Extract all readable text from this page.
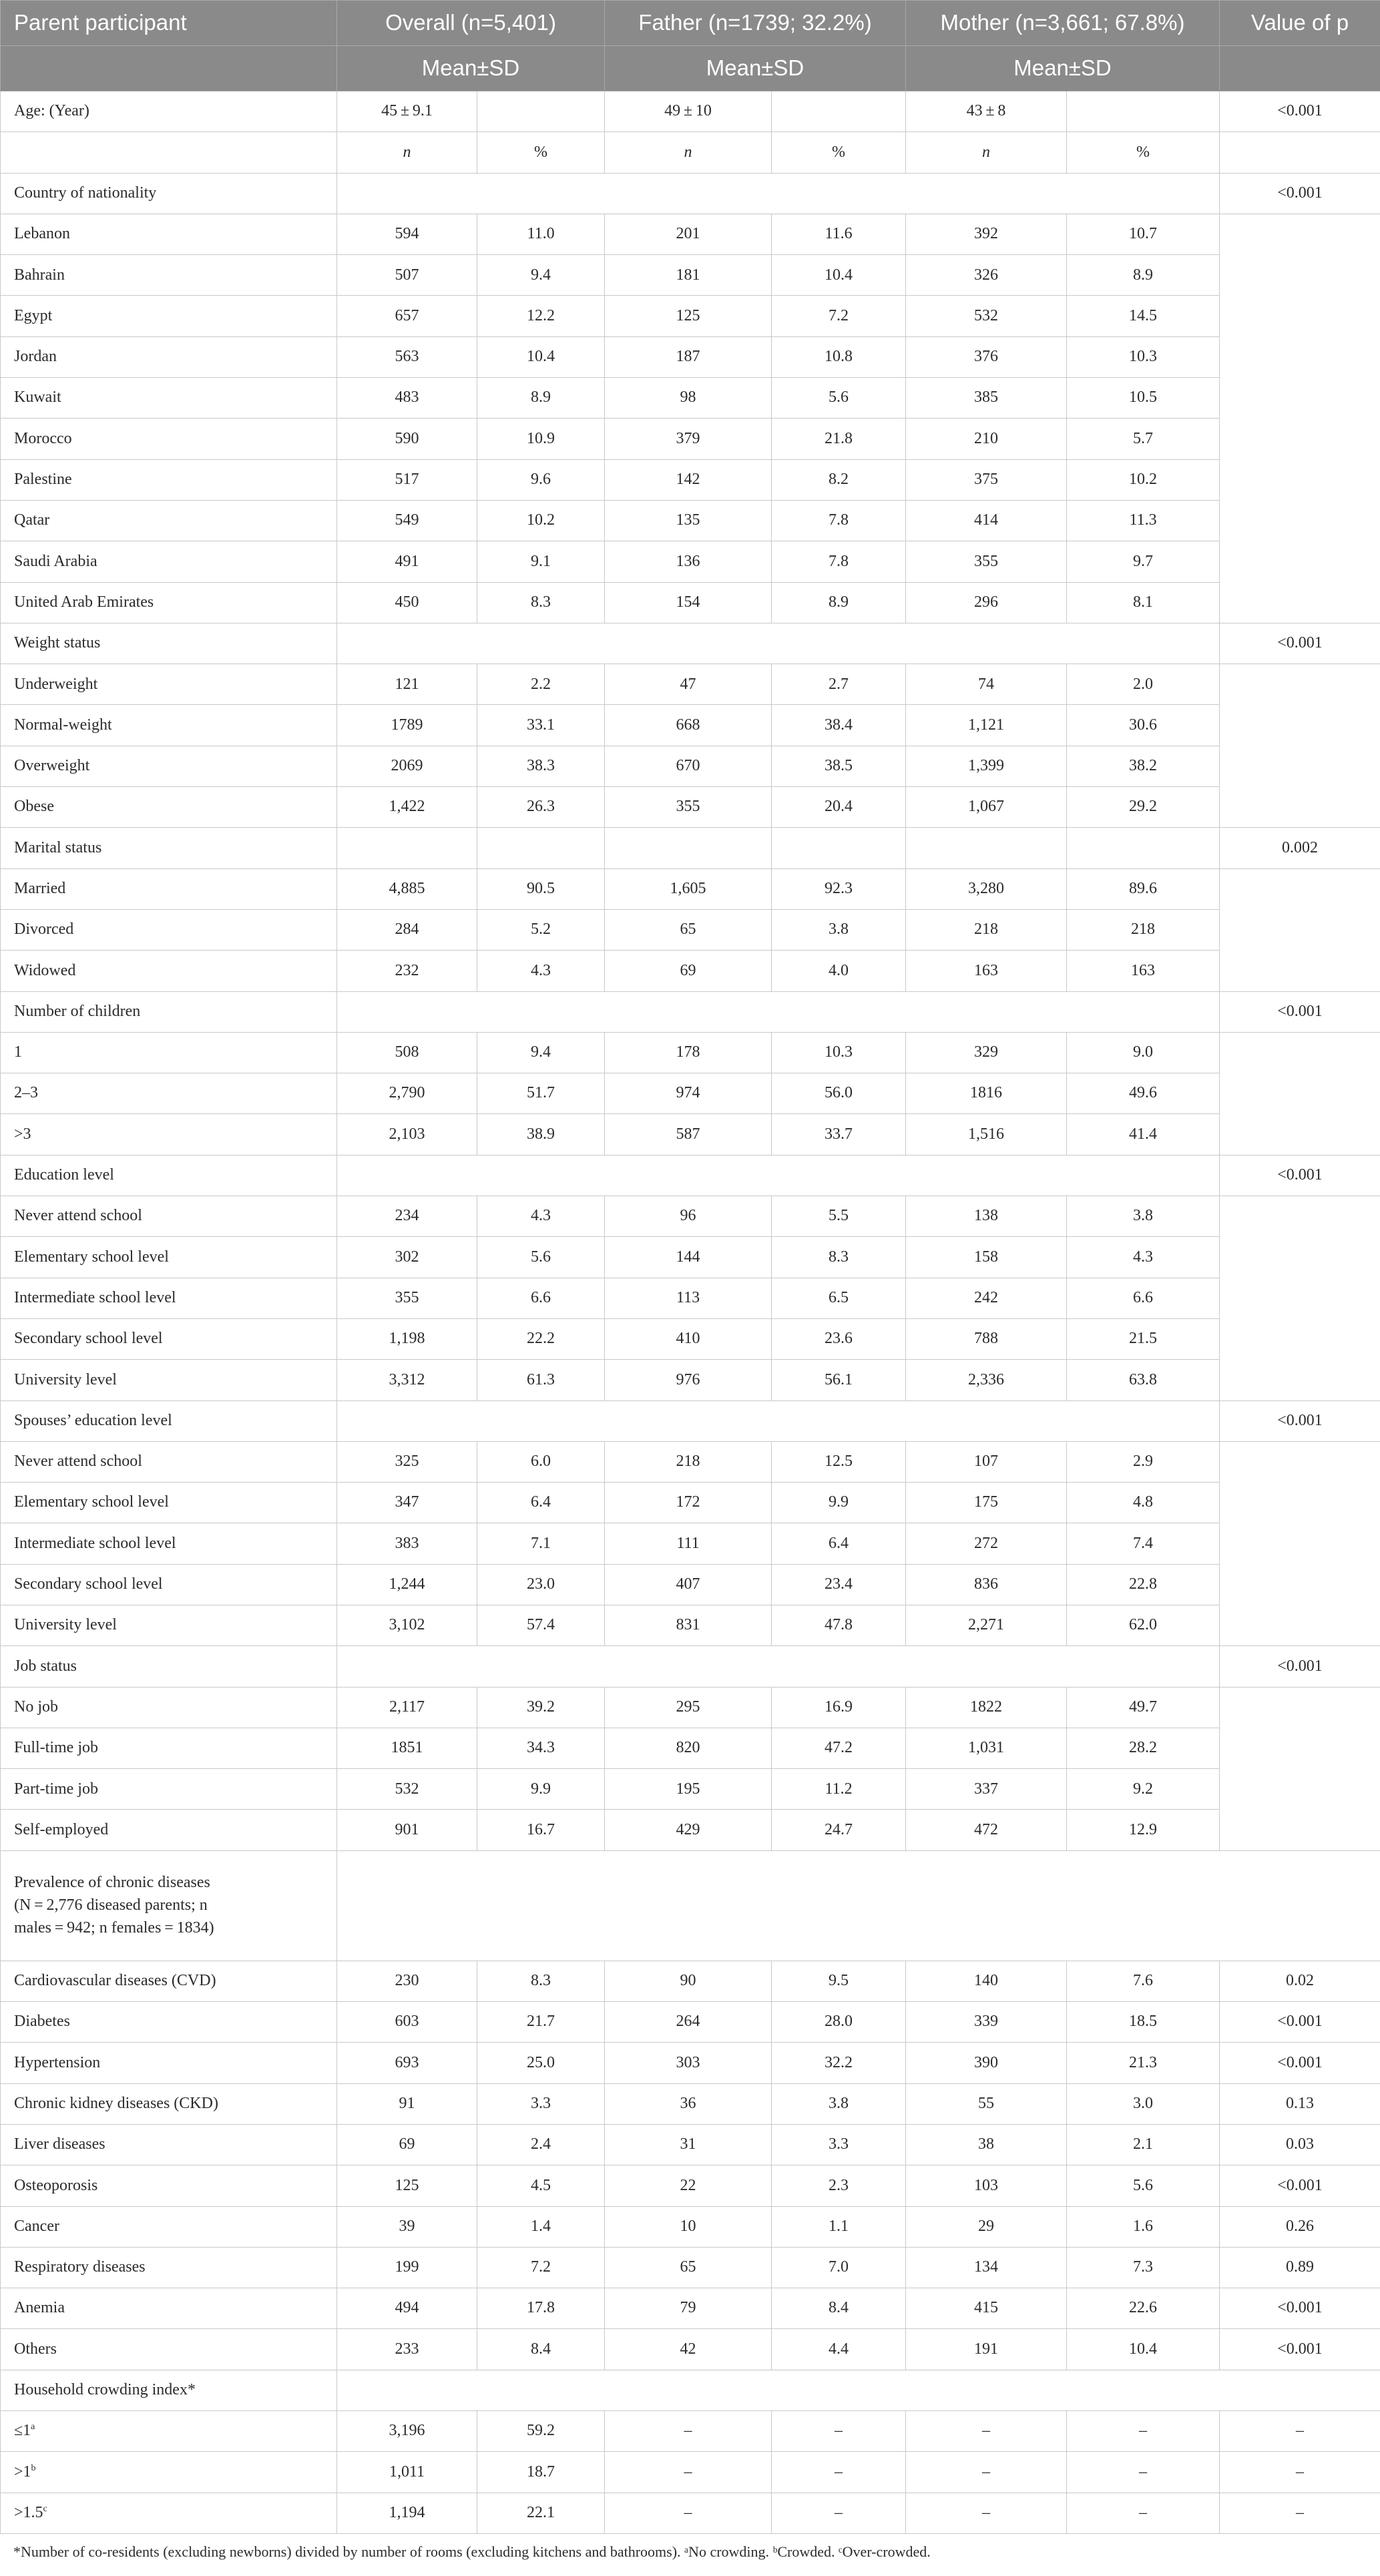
Parent participant	Overall (n=5,401)		Father (n=1739; 32.2%)		Mother (n=3,661; 67.8%)		Value of p
	Mean±SD		Mean±SD		Mean±SD		
Age: (Year)	45 ± 9.1		49 ± 10		43 ± 8		<0.001
	n	%	n	%	n	%	
Country of nationality							<0.001
Lebanon	594	11.0	201	11.6	392	10.7	
Bahrain	507	9.4	181	10.4	326	8.9	
Egypt	657	12.2	125	7.2	532	14.5	
Jordan	563	10.4	187	10.8	376	10.3	
Kuwait	483	8.9	98	5.6	385	10.5	
Morocco	590	10.9	379	21.8	210	5.7	
Palestine	517	9.6	142	8.2	375	10.2	
Qatar	549	10.2	135	7.8	414	11.3	
Saudi Arabia	491	9.1	136	7.8	355	9.7	
United Arab Emirates	450	8.3	154	8.9	296	8.1	
Weight status							<0.001
Underweight	121	2.2	47	2.7	74	2.0	
Normal-weight	1789	33.1	668	38.4	1,121	30.6	
Overweight	2069	38.3	670	38.5	1,399	38.2	
Obese	1,422	26.3	355	20.4	1,067	29.2	
Marital status							0.002
Married	4,885	90.5	1,605	92.3	3,280	89.6	
Divorced	284	5.2	65	3.8	218	218	
Widowed	232	4.3	69	4.0	163	163	
Number of children							<0.001
1	508	9.4	178	10.3	329	9.0	
2–3	2,790	51.7	974	56.0	1816	49.6	
>3	2,103	38.9	587	33.7	1,516	41.4	
Education level							<0.001
Never attend school	234	4.3	96	5.5	138	3.8	
Elementary school level	302	5.6	144	8.3	158	4.3	
Intermediate school level	355	6.6	113	6.5	242	6.6	
Secondary school level	1,198	22.2	410	23.6	788	21.5	
University level	3,312	61.3	976	56.1	2,336	63.8	
Spouses’ education level							<0.001
Never attend school	325	6.0	218	12.5	107	2.9	
Elementary school level	347	6.4	172	9.9	175	4.8	
Intermediate school level	383	7.1	111	6.4	272	7.4	
Secondary school level	1,244	23.0	407	23.4	836	22.8	
University level	3,102	57.4	831	47.8	2,271	62.0	
Job status							<0.001
No job	2,117	39.2	295	16.9	1822	49.7	
Full-time job	1851	34.3	820	47.2	1,031	28.2	
Part-time job	532	9.9	195	11.2	337	9.2	
Self-employed	901	16.7	429	24.7	472	12.9	

Prevalence of chronic diseases
(N = 2,776 diseased parents; n
males = 942; n females = 1834)							

Cardiovascular diseases (CVD)	230	8.3	90	9.5	140	7.6	0.02
Diabetes	603	21.7	264	28.0	339	18.5	<0.001
Hypertension	693	25.0	303	32.2	390	21.3	<0.001
Chronic kidney diseases (CKD)	91	3.3	36	3.8	55	3.0	0.13
Liver diseases	69	2.4	31	3.3	38	2.1	0.03
Osteoporosis	125	4.5	22	2.3	103	5.6	<0.001
Cancer	39	1.4	10	1.1	29	1.6	0.26
Respiratory diseases	199	7.2	65	7.0	134	7.3	0.89
Anemia	494	17.8	79	8.4	415	22.6	<0.001
Others	233	8.4	42	4.4	191	10.4	<0.001
Household crowding index*							
$\le 1^a$	3,196	59.2	–	–	–	–	–
$>1^b$	1,011	18.7	–	–	–	–	–
>1.5$^c$	1,194	22.1	–	–	–	–	–
*Number of co-residents (excluding newborns) divided by number of rooms (excluding kitchens and bathrooms). ᵃNo crowding. ᵇCrowded. ᶜOver-crowded.
